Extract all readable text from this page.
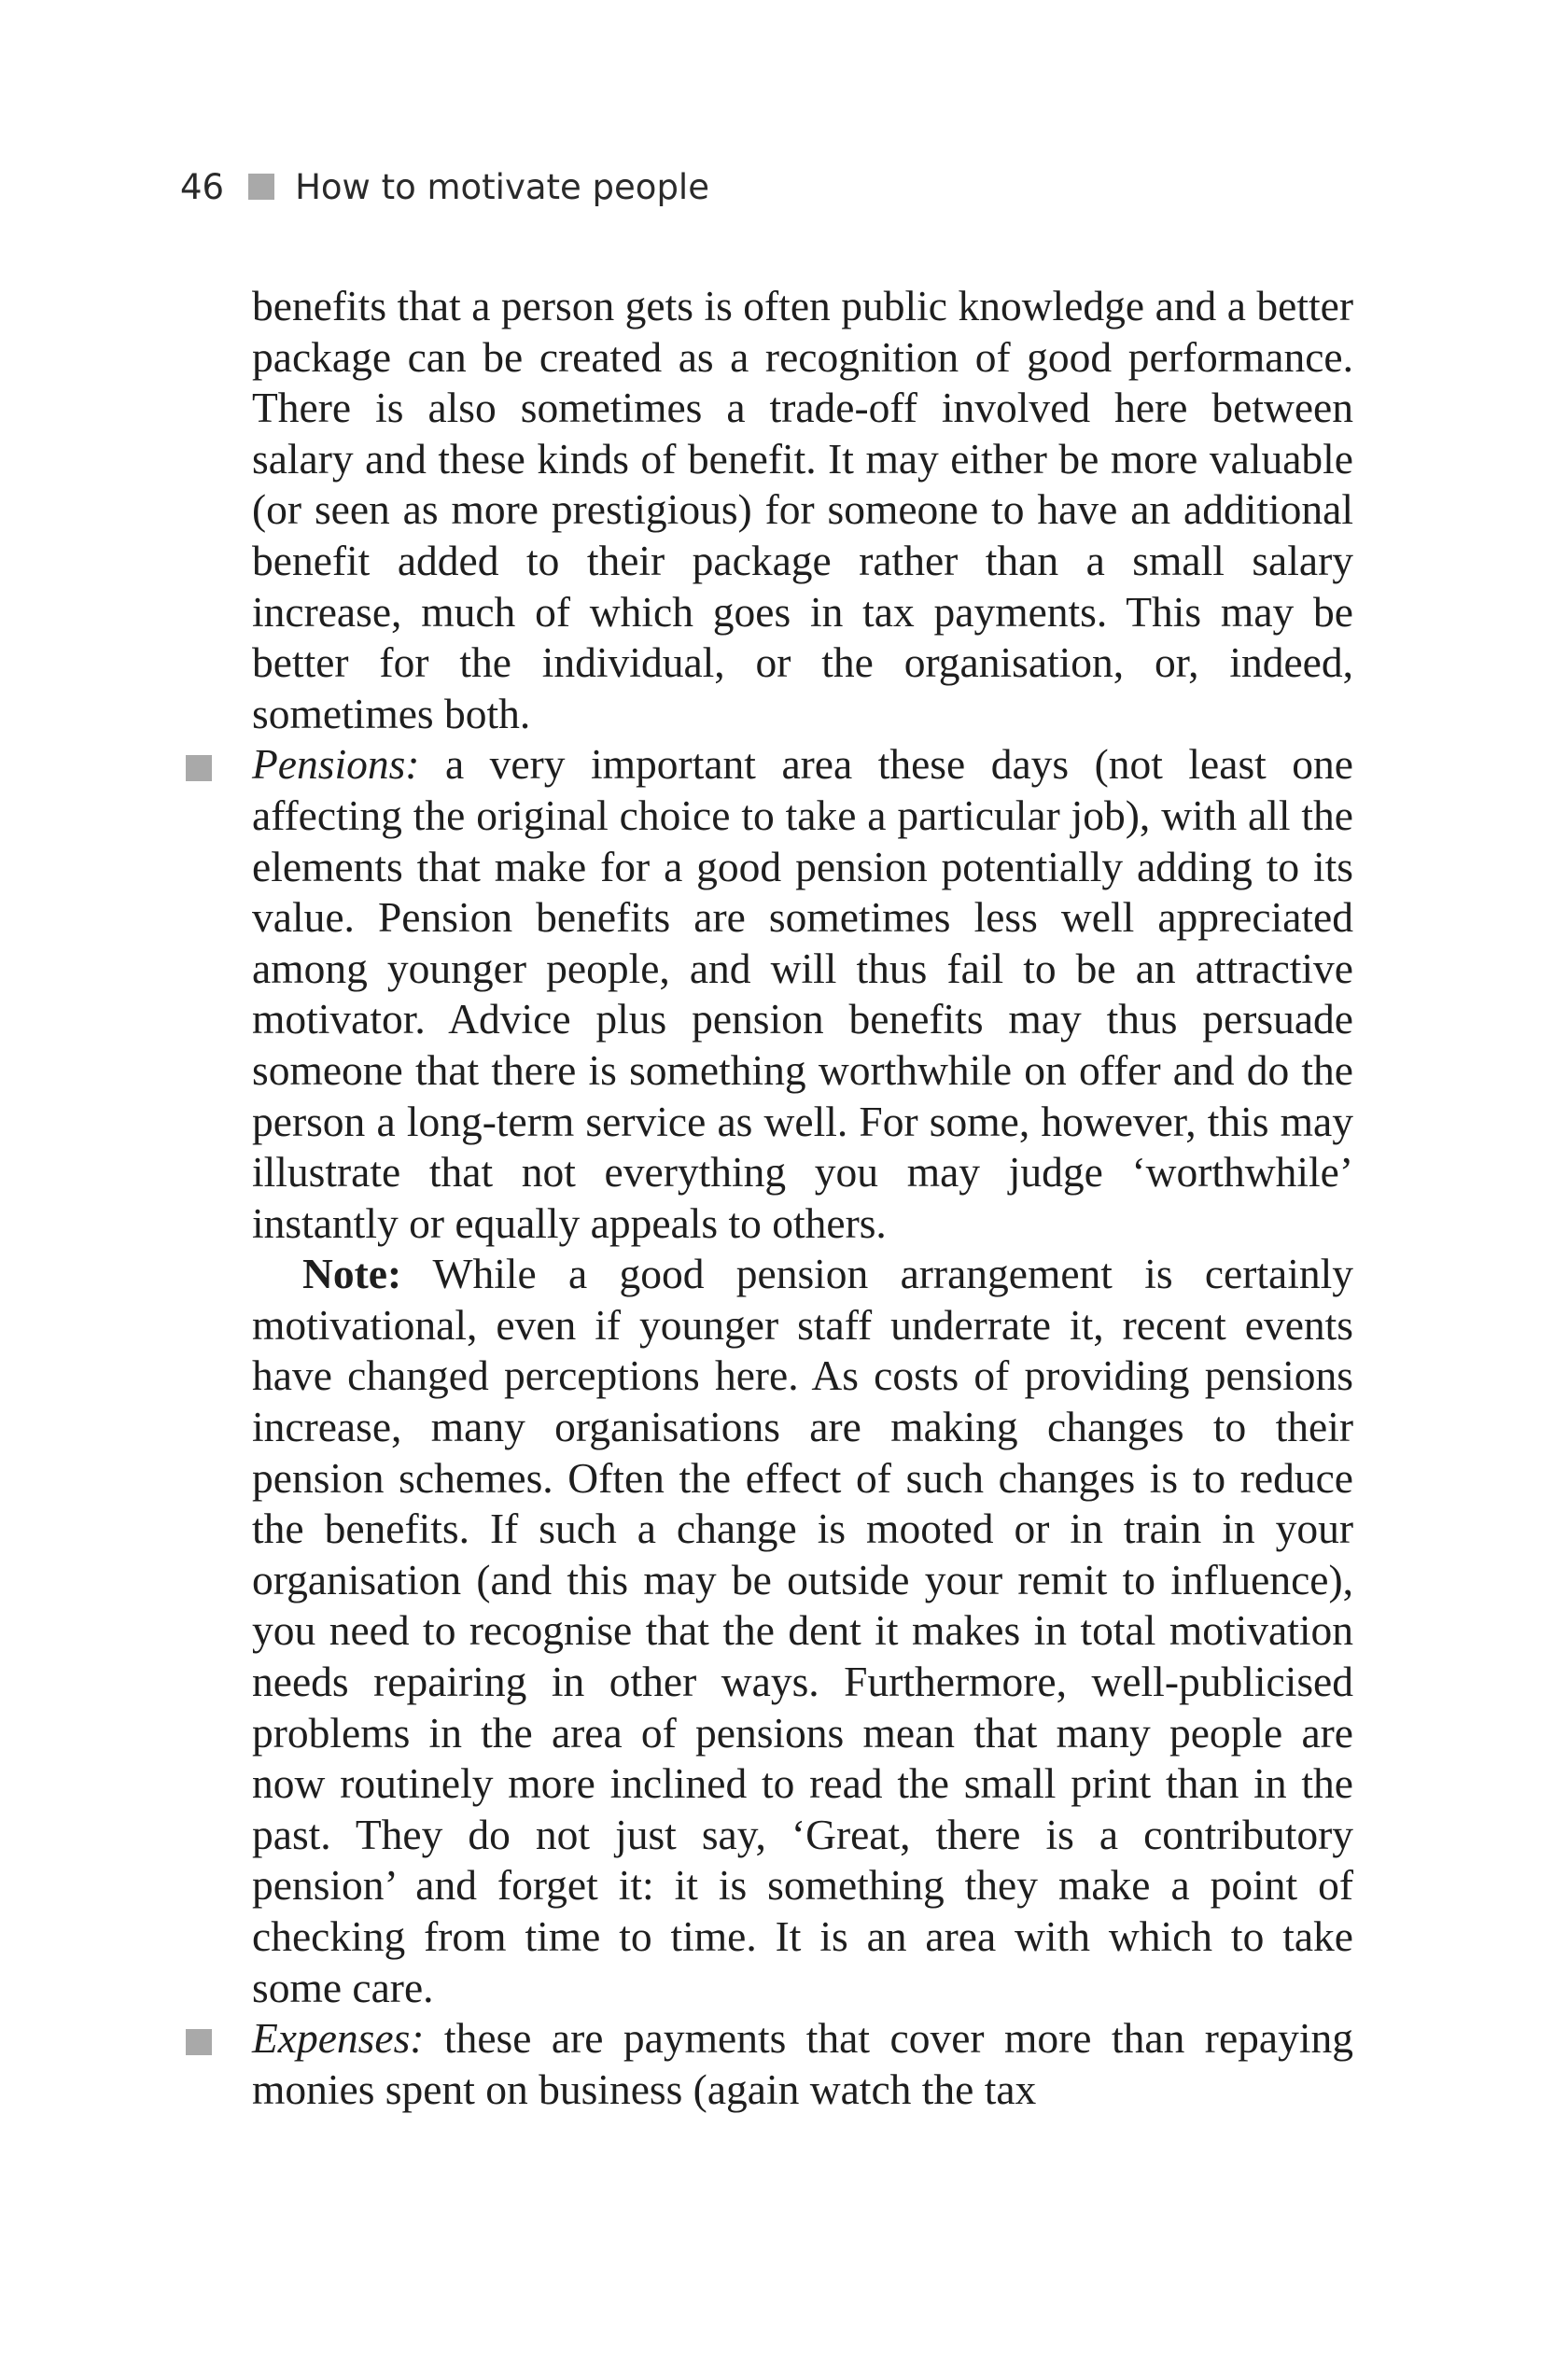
46 How to motivate people

benefits that a person gets is often public knowledge and a better package can be created as a recognition of good performance. There is also sometimes a trade-off involved here between salary and these kinds of benefit. It may either be more valuable (or seen as more prestigious) for someone to have an additional benefit added to their package rather than a small salary increase, much of which goes in tax payments. This may be better for the individual, or the organisation, or, indeed, sometimes both.

Pensions: a very important area these days (not least one affecting the original choice to take a particular job), with all the elements that make for a good pension potentially adding to its value. Pension benefits are sometimes less well appreciated among younger people, and will thus fail to be an attractive motivator. Advice plus pension benefits may thus persuade someone that there is something worthwhile on offer and do the person a long-term service as well. For some, however, this may illustrate that not everything you may judge ‘worthwhile’ instantly or equally appeals to others.

Note: While a good pension arrangement is certainly motivational, even if younger staff underrate it, recent events have changed perceptions here. As costs of providing pensions increase, many organisations are making changes to their pension schemes. Often the effect of such changes is to reduce the benefits. If such a change is mooted or in train in your organisation (and this may be outside your remit to influence), you need to recognise that the dent it makes in total motivation needs repairing in other ways. Furthermore, well-publicised problems in the area of pensions mean that many people are now routinely more inclined to read the small print than in the past. They do not just say, ‘Great, there is a contributory pension’ and forget it: it is something they make a point of checking from time to time. It is an area with which to take some care.

Expenses: these are payments that cover more than repaying monies spent on business (again watch the tax
